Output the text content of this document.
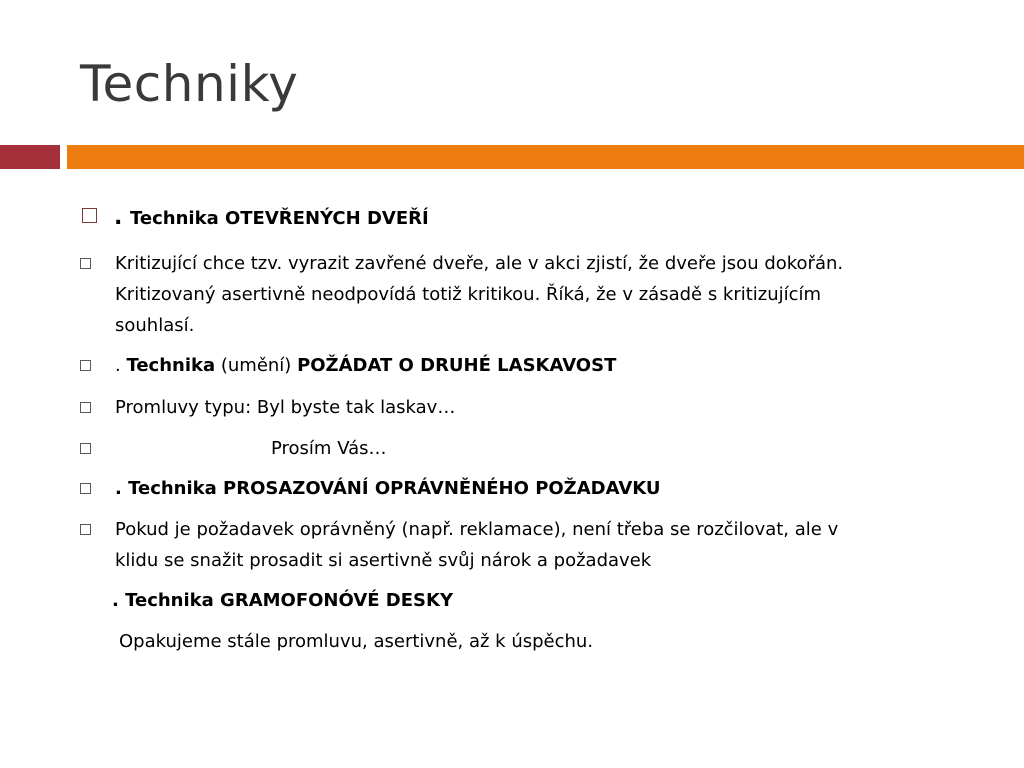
Techniky
. Technika OTEVŘENÝCH DVEŘÍ
Kritizující chce tzv. vyrazit zavřené dveře, ale v akci zjistí, že dveře jsou dokořán.
Kritizovaný asertivně neodpovídá totiž kritikou. Říká, že v zásadě s kritizujícím
souhlasí.
. Technika (umění) POŽÁDAT O DRUHÉ LASKAVOST
Promluvy typu: Byl byste tak laskav…
Prosím Vás…
. Technika PROSAZOVÁNÍ OPRÁVNĚNÉHO POŽADAVKU
Pokud je požadavek oprávněný (např. reklamace), není třeba se rozčilovat, ale v
klidu se snažit prosadit si asertivně svůj nárok a požadavek
. Technika GRAMOFONÓVÉ DESKY
Opakujeme stále promluvu, asertivně, až k úspěchu.
